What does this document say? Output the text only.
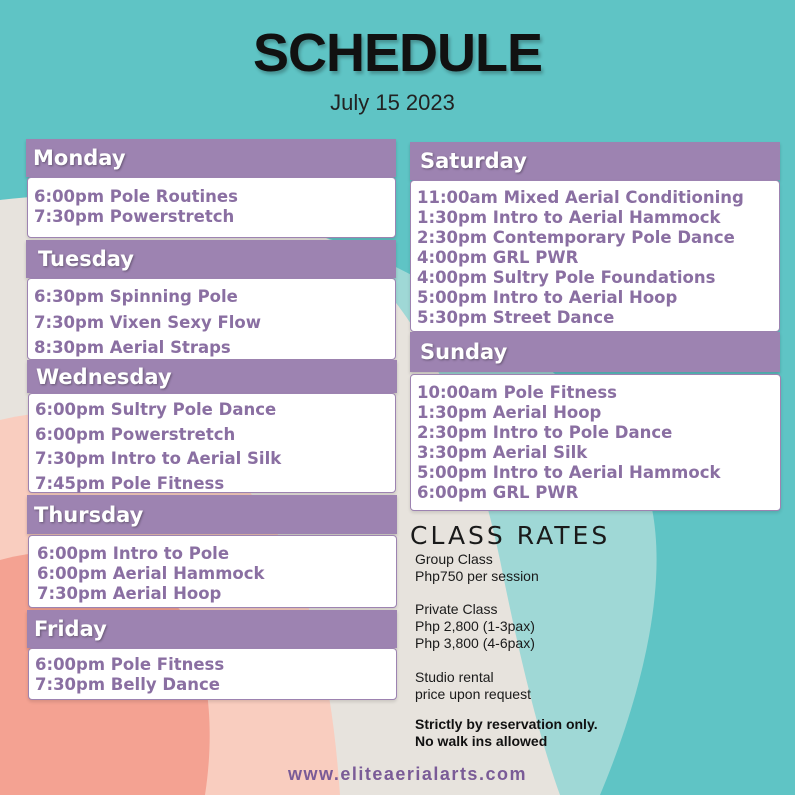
SCHEDULE
July 15 2023
Monday
6:00pm Pole Routines
7:30pm Powerstretch
Tuesday
6:30pm Spinning Pole
7:30pm Vixen Sexy Flow
8:30pm Aerial Straps
Wednesday
6:00pm Sultry Pole Dance
6:00pm Powerstretch
7:30pm Intro to Aerial Silk
7:45pm Pole Fitness
Thursday
6:00pm Intro to Pole
6:00pm Aerial Hammock
7:30pm Aerial Hoop
Friday
6:00pm Pole Fitness
7:30pm Belly Dance
Saturday
11:00am Mixed Aerial Conditioning
1:30pm Intro to Aerial Hammock
2:30pm Contemporary Pole Dance
4:00pm GRL PWR
4:00pm Sultry Pole Foundations
5:00pm Intro to Aerial Hoop
5:30pm Street Dance
Sunday
10:00am Pole Fitness
1:30pm Aerial Hoop
2:30pm Intro to Pole Dance
3:30pm Aerial Silk
5:00pm Intro to Aerial Hammock
6:00pm GRL PWR
CLASS RATES
Group Class
Php750 per session
Private Class
Php 2,800 (1-3pax)
Php 3,800 (4-6pax)
Studio rental
price upon request
Strictly by reservation only.
No walk ins allowed
www.eliteaerialarts.com
